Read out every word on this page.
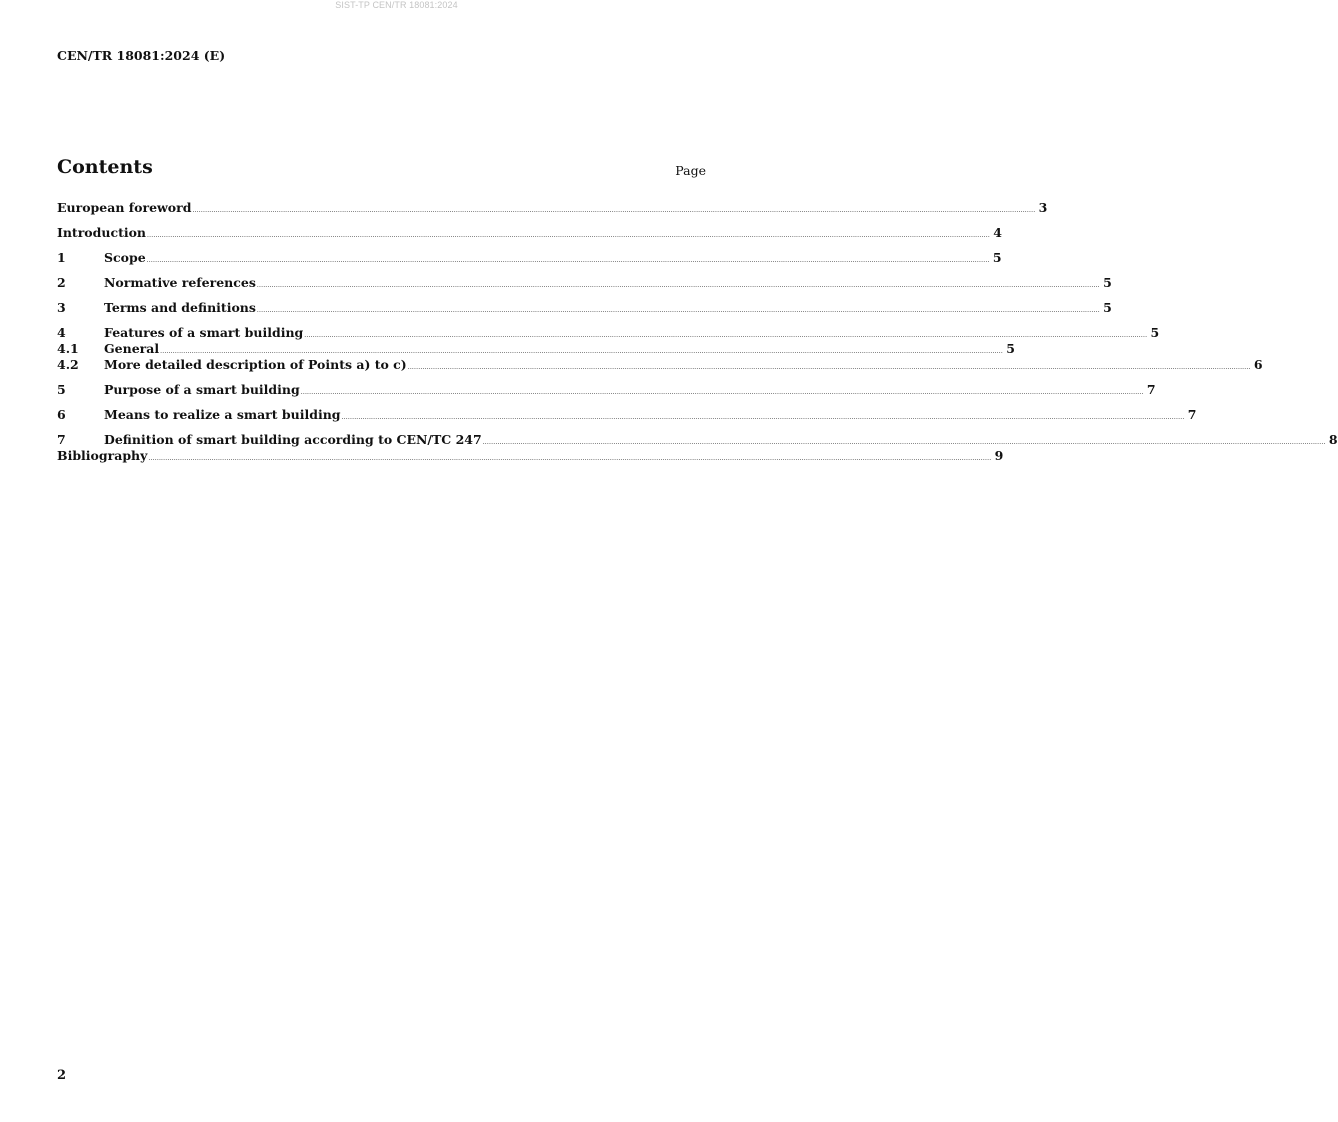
SIST-TP CEN/TR 18081:2024
CEN/TR 18081:2024 (E)
Contents	Page
European foreword ................................................................................................................................................................................................................................................................................................................................................................................................................ 3
Introduction ................................................................................................................................................................................................................................................................................................................................................................................................................ 4
1	Scope ................................................................................................................................................................................................................................................................................................................................................................................................................ 5
2	Normative references ................................................................................................................................................................................................................................................................................................................................................................................................................ 5
3	Terms and definitions ................................................................................................................................................................................................................................................................................................................................................................................................................ 5
4	Features of a smart building ................................................................................................................................................................................................................................................................................................................................................................................................................ 5
4.1	General ................................................................................................................................................................................................................................................................................................................................................................................................................ 5
4.2	More detailed description of Points a) to c) ................................................................................................................................................................................................................................................................................................................................................................................................................ 6
5	Purpose of a smart building ................................................................................................................................................................................................................................................................................................................................................................................................................ 7
6	Means to realize a smart building ................................................................................................................................................................................................................................................................................................................................................................................................................ 7
7	Definition of smart building according to CEN/TC 247 ................................................................................................................................................................................................................................................................................................................................................................................................................ 8
Bibliography ................................................................................................................................................................................................................................................................................................................................................................................................................ 9
2
